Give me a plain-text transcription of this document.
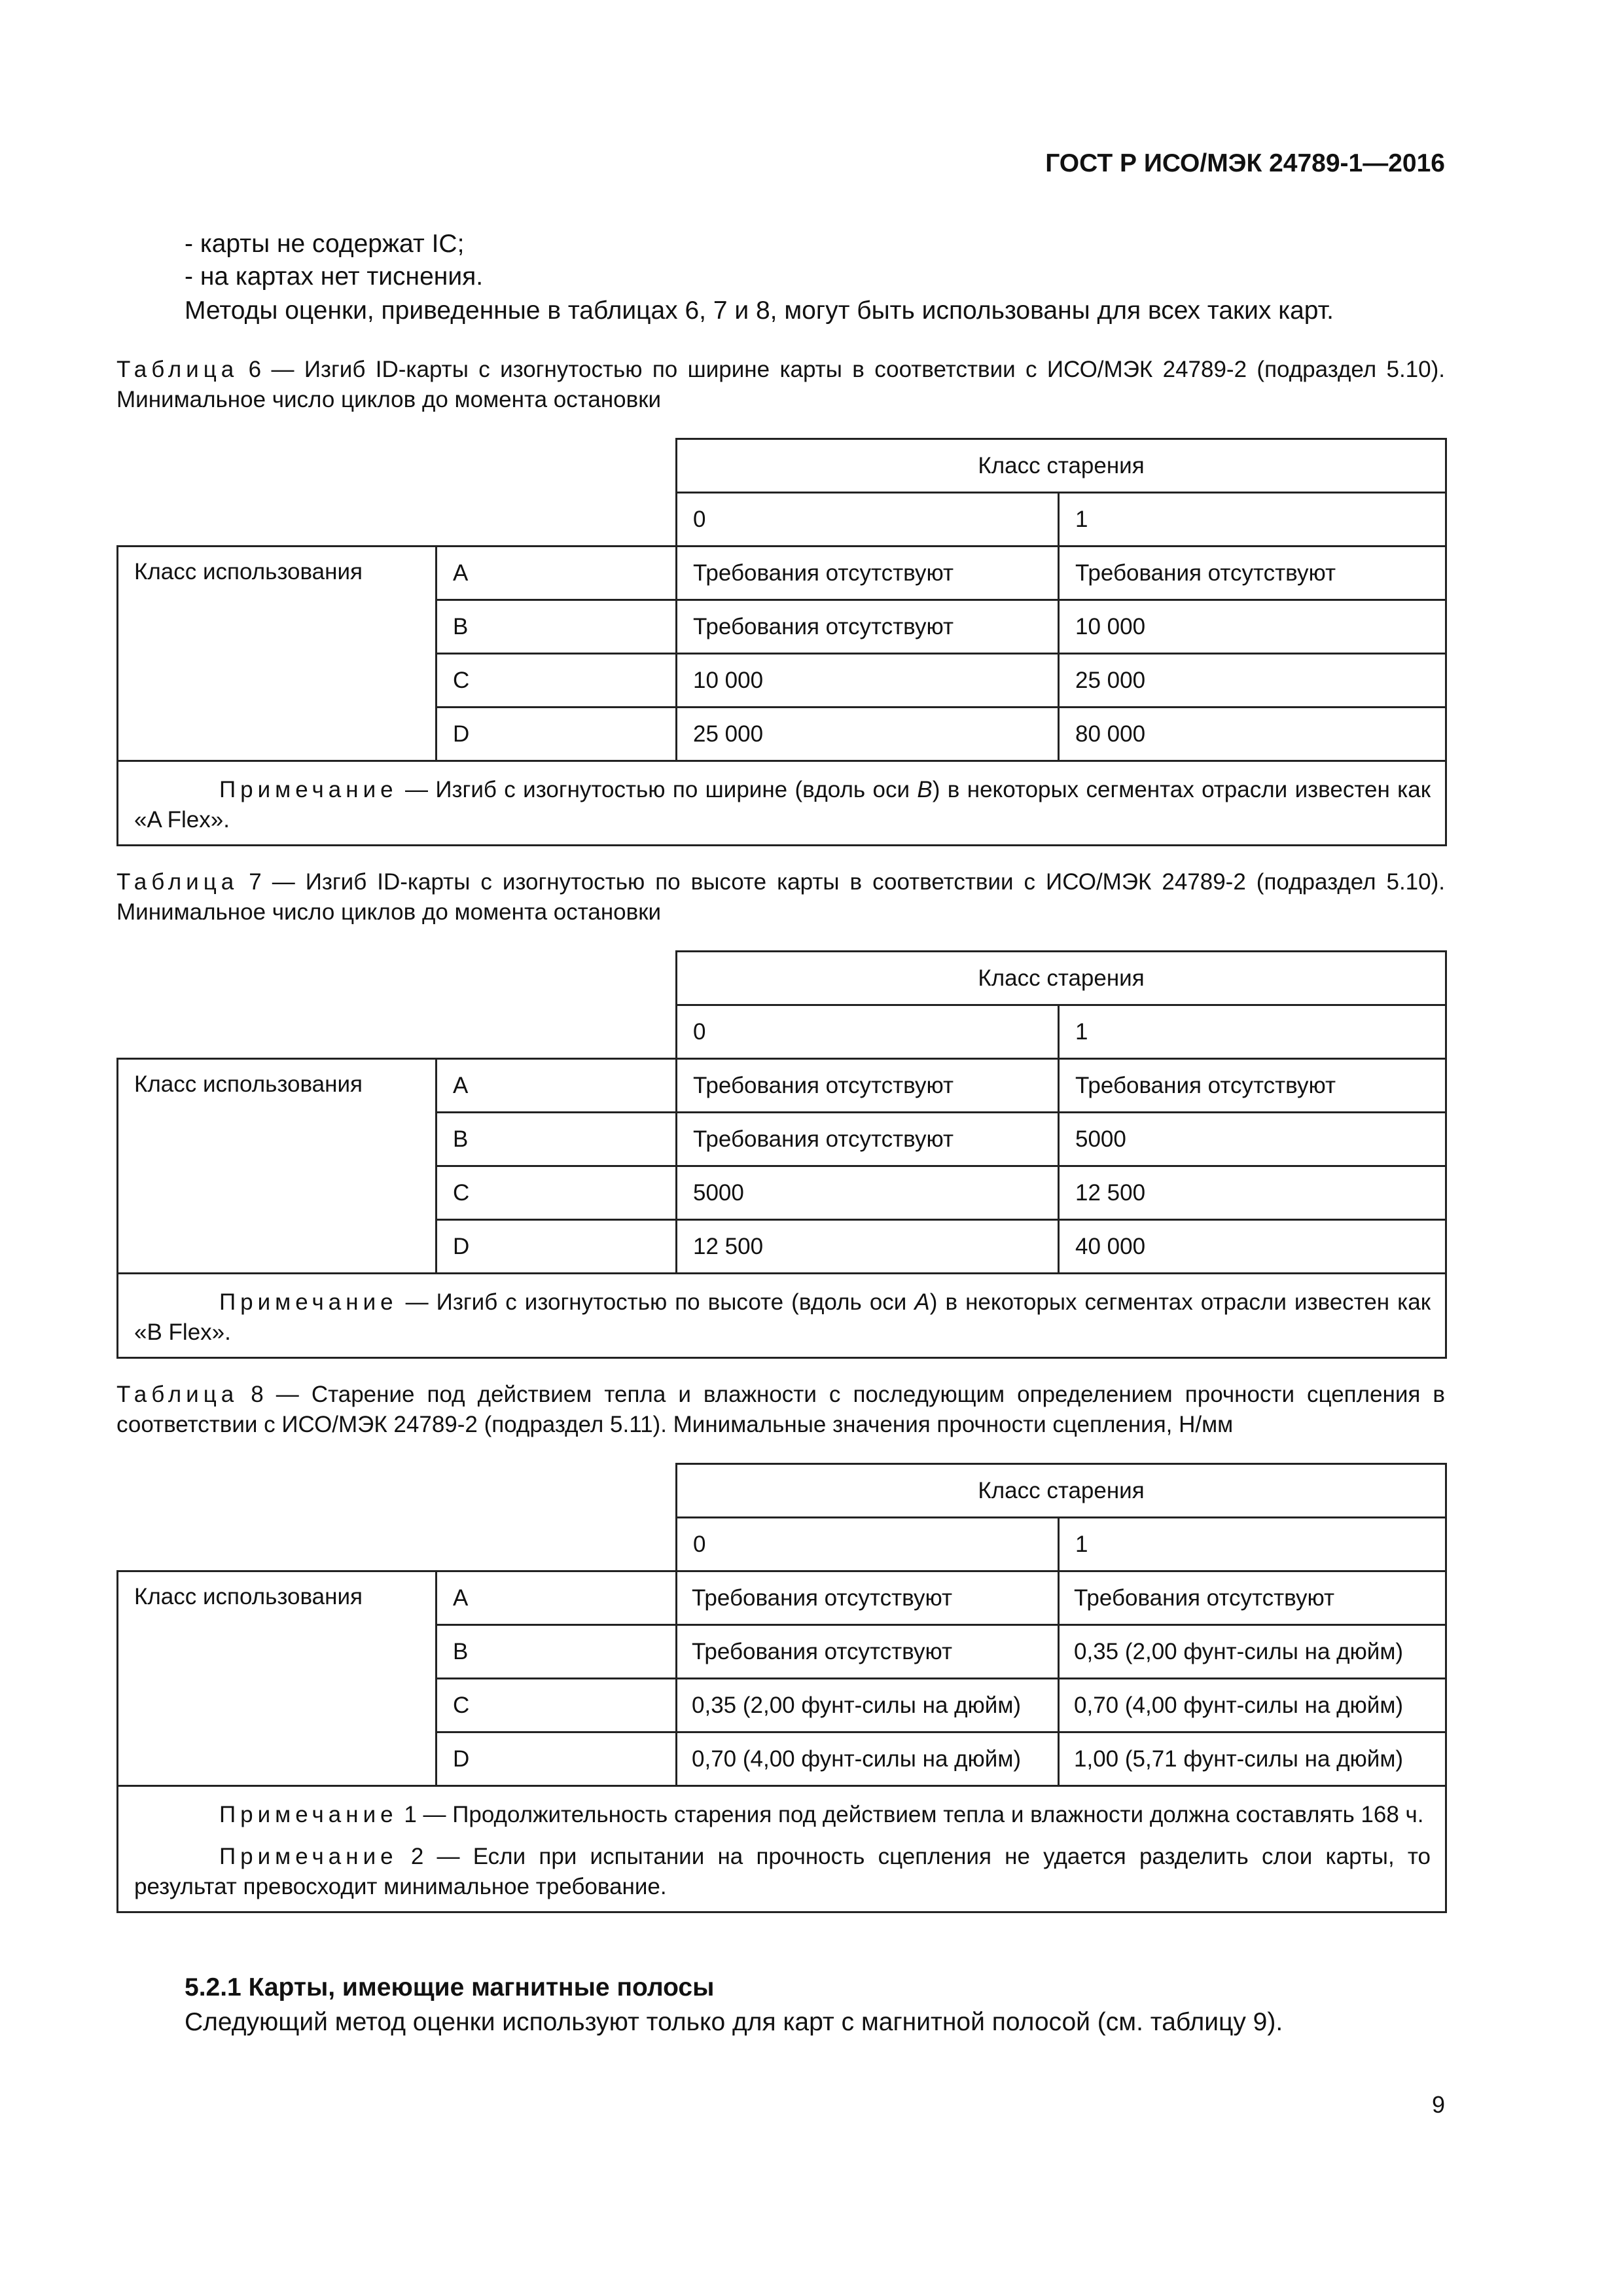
ГОСТ Р ИСО/МЭК 24789-1—2016
- карты не содержат IC;
- на картах нет тиснения.
Методы оценки, приведенные в таблицах 6, 7 и 8, могут быть использованы для всех таких карт.
Таблица 6 — Изгиб ID-карты с изогнутостью по ширине карты в соответствии с ИСО/МЭК 24789-2 (подраздел 5.10). Минимальное число циклов до момента остановки
		Класс старения	
		0	1
Класс использования	A	Требования отсутствуют	Требования отсутствуют
	B	Требования отсутствуют	10 000
	C	10 000	25 000
	D	25 000	80 000
Примечание — Изгиб с изогнутостью по ширине (вдоль оси B) в некоторых сегментах отрасли известен как «A Flex».			
Таблица 7 — Изгиб ID-карты с изогнутостью по высоте карты в соответствии с ИСО/МЭК 24789-2 (подраздел 5.10). Минимальное число циклов до момента остановки
		Класс старения	
		0	1
Класс использования	A	Требования отсутствуют	Требования отсутствуют
	B	Требования отсутствуют	5000
	C	5000	12 500
	D	12 500	40 000
Примечание — Изгиб с изогнутостью по высоте (вдоль оси A) в некоторых сегментах отрасли известен как «B Flex».			
Таблица 8 — Старение под действием тепла и влажности с последующим определением прочности сцепления в соответствии с ИСО/МЭК 24789-2 (подраздел 5.11). Минимальные значения прочности сцепления, Н/мм
		Класс старения	
		0	1
Класс использования	A	Требования отсутствуют	Требования отсутствуют
	B	Требования отсутствуют	0,35 (2,00 фунт-силы на дюйм)
	C	0,35 (2,00 фунт-силы на дюйм)	0,70 (4,00 фунт-силы на дюйм)
	D	0,70 (4,00 фунт-силы на дюйм)	1,00 (5,71 фунт-силы на дюйм)

Примечание 1 — Продолжительность старения под действием тепла и влажности должна составлять 168 ч.
Примечание 2 — Если при испытании на прочность сцепления не удается разделить слои карты, то результат превосходит минимальное требование.			
5.2.1 Карты, имеющие магнитные полосы
Следующий метод оценки используют только для карт с магнитной полосой (см. таблицу 9).
9
